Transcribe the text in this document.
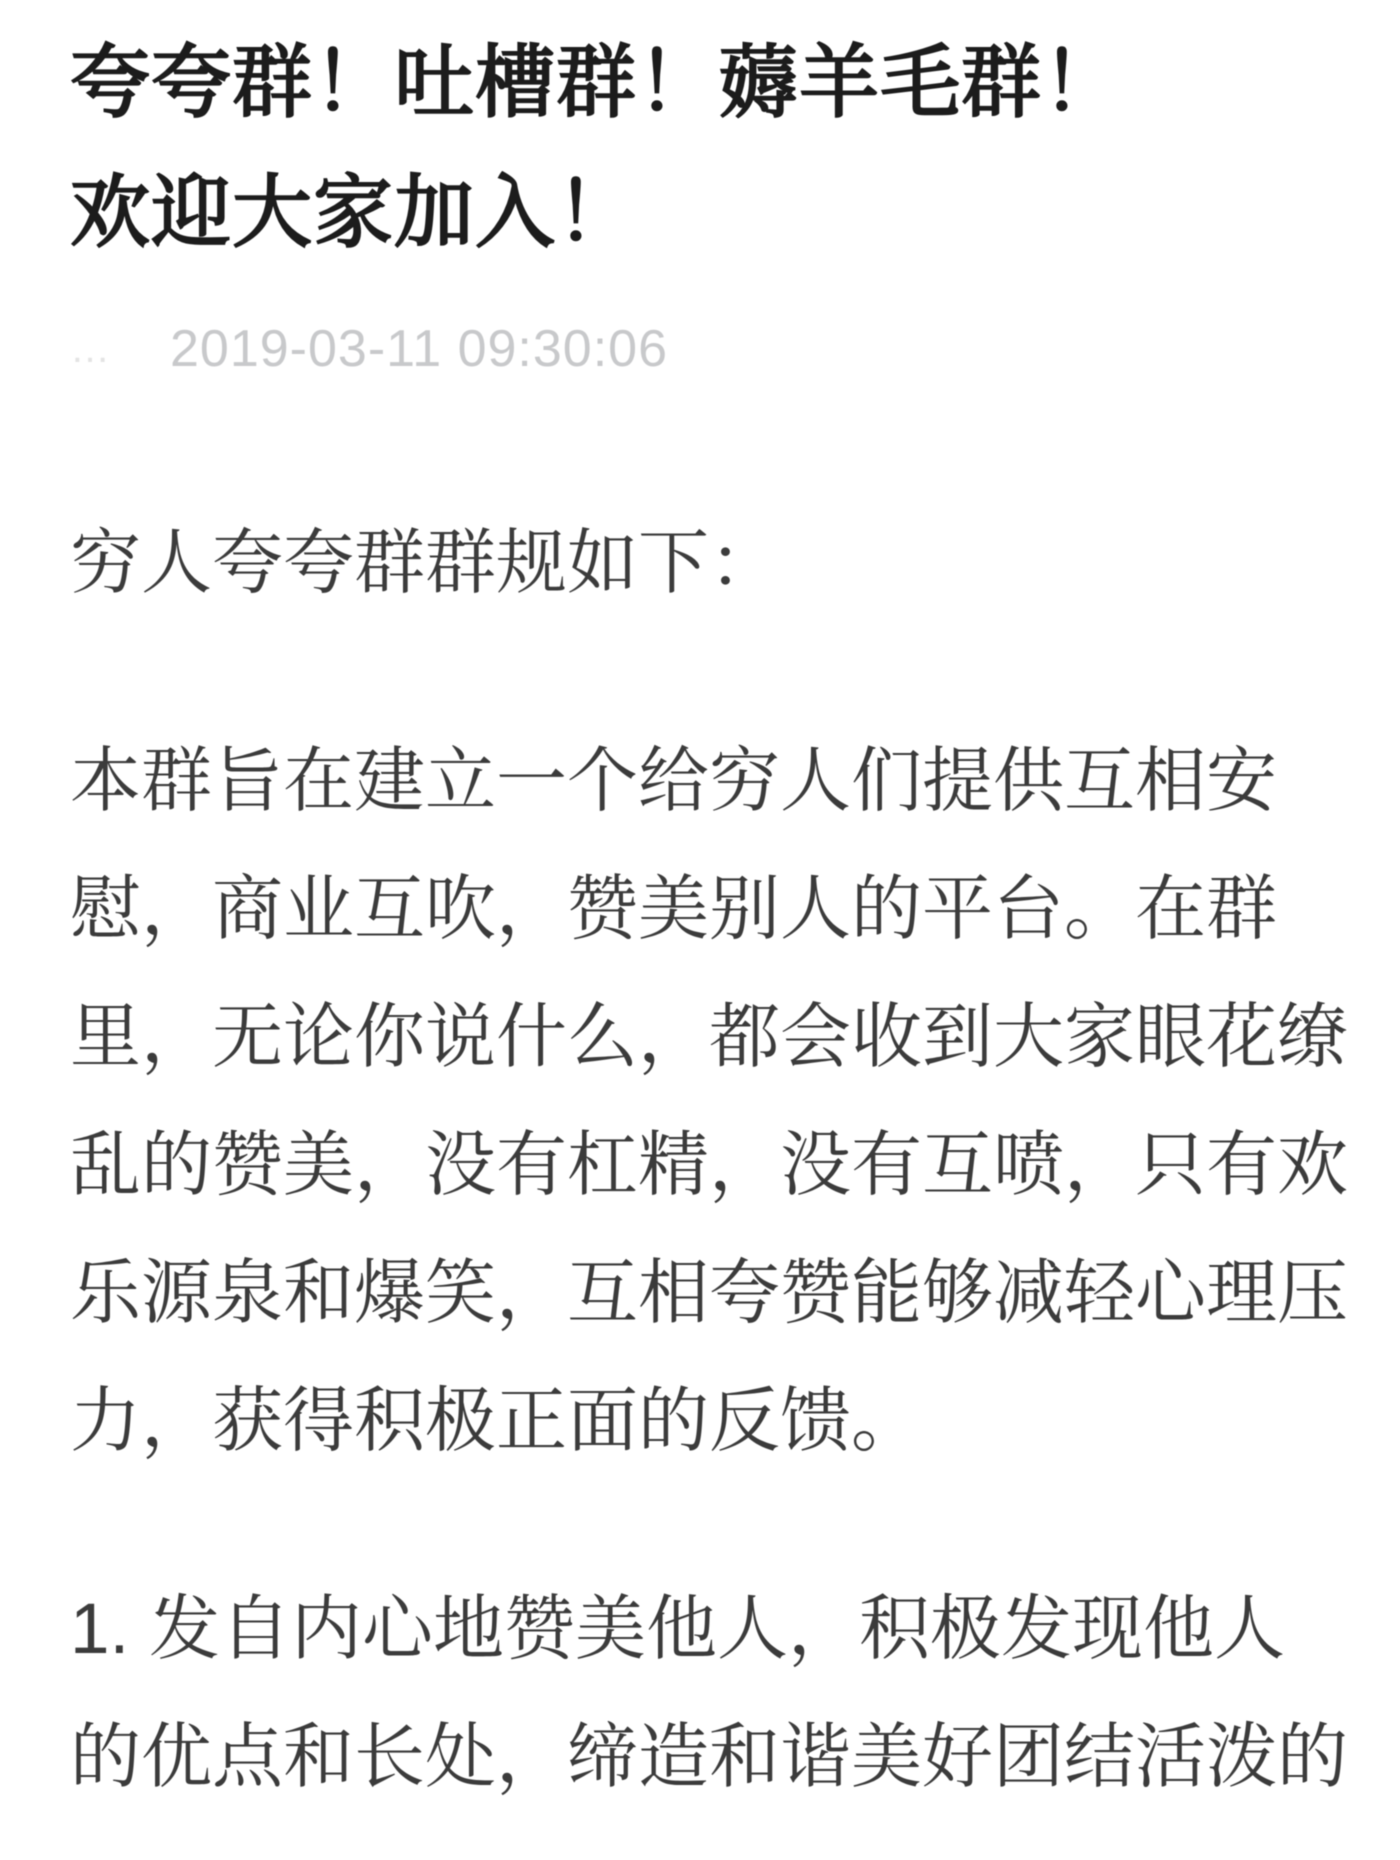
夸夸群！吐槽群！薅羊毛群！
欢迎大家加入！
…	2019-03-11 09:30:06

穷人夸夸群群规如下：

本群旨在建立一个给穷人们提供互相安
慰，商业互吹，赞美别人的平台。在群
里，无论你说什么，都会收到大家眼花缭
乱的赞美，没有杠精，没有互喷，只有欢
乐源泉和爆笑，互相夸赞能够减轻心理压
力，获得积极正面的反馈。
1. 发自内心地赞美他人，积极发现他人
的优点和长处，缔造和谐美好团结活泼的
